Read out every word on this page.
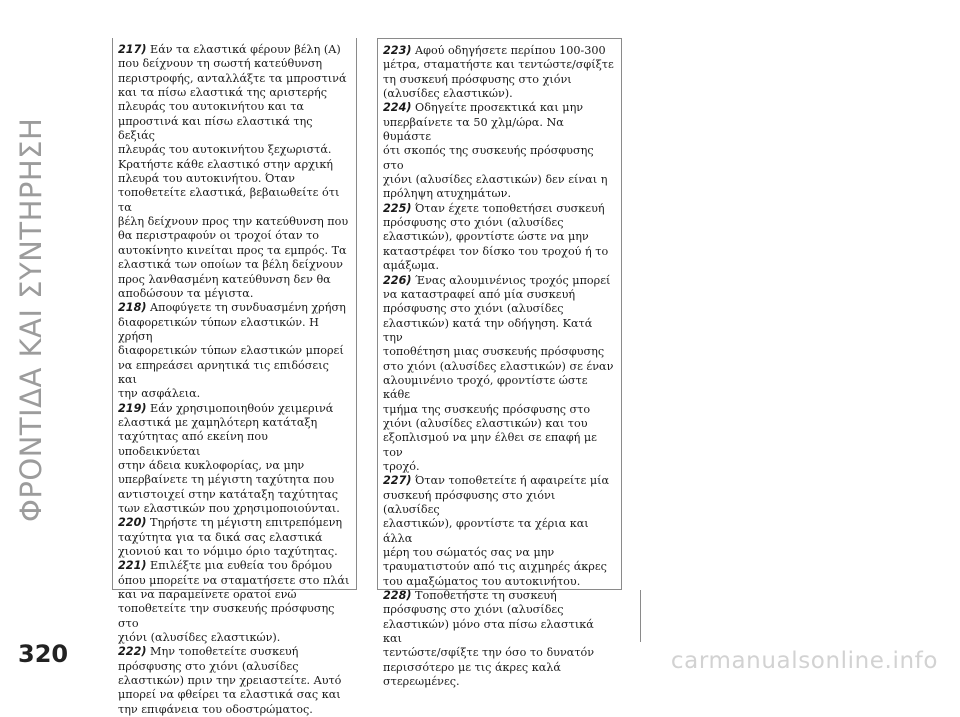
ΦΡΟΝΤΙΔΑ ΚΑΙ ΣΥΝΤΗΡΗΣΗ

217) Εάν τα ελαστικά φέρουν βέλη (A)
που δείχνουν τη σωστή κατεύθυνση
περιστροφής, ανταλλάξτε τα μπροστινά
και τα πίσω ελαστικά της αριστερής
πλευράς του αυτοκινήτου και τα
μπροστινά και πίσω ελαστικά της δεξιάς
πλευράς του αυτοκινήτου ξεχωριστά.
Κρατήστε κάθε ελαστικό στην αρχική
πλευρά του αυτοκινήτου. Όταν
τοποθετείτε ελαστικά, βεβαιωθείτε ότι τα
βέλη δείχνουν προς την κατεύθυνση που
θα περιστραφούν οι τροχοί όταν το
αυτοκίνητο κινείται προς τα εμπρός. Τα
ελαστικά των οποίων τα βέλη δείχνουν
προς λανθασμένη κατεύθυνση δεν θα
αποδώσουν τα μέγιστα.

218) Αποφύγετε τη συνδυασμένη χρήση
διαφορετικών τύπων ελαστικών. Η χρήση
διαφορετικών τύπων ελαστικών μπορεί
να επηρεάσει αρνητικά τις επιδόσεις και
την ασφάλεια.

219) Εάν χρησιμοποιηθούν χειμερινά
ελαστικά με χαμηλότερη κατάταξη
ταχύτητας από εκείνη που υποδεικνύεται
στην άδεια κυκλοφορίας, να μην
υπερβαίνετε τη μέγιστη ταχύτητα που
αντιστοιχεί στην κατάταξη ταχύτητας
των ελαστικών που χρησιμοποιούνται.

220) Τηρήστε τη μέγιστη επιτρεπόμενη
ταχύτητα για τα δικά σας ελαστικά
χιονιού και το νόμιμο όριο ταχύτητας.

221) Επιλέξτε μια ευθεία του δρόμου
όπου μπορείτε να σταματήσετε στο πλάι
και να παραμείνετε ορατοί ενώ
τοποθετείτε την συσκευής πρόσφυσης στο
χιόνι (αλυσίδες ελαστικών).

222) Μην τοποθετείτε συσκευή
πρόσφυσης στο χιόνι (αλυσίδες
ελαστικών) πριν την χρειαστείτε. Αυτό
μπορεί να φθείρει τα ελαστικά σας και
την επιφάνεια του οδοστρώματος.

223) Αφού οδηγήσετε περίπου 100-300
μέτρα, σταματήστε και τεντώστε/σφίξτε
τη συσκευή πρόσφυσης στο χιόνι
(αλυσίδες ελαστικών).

224) Οδηγείτε προσεκτικά και μην
υπερβαίνετε τα 50 χλμ/ώρα. Να θυμάστε
ότι σκοπός της συσκευής πρόσφυσης στο
χιόνι (αλυσίδες ελαστικών) δεν είναι η
πρόληψη ατυχημάτων.

225) Όταν έχετε τοποθετήσει συσκευή
πρόσφυσης στο χιόνι (αλυσίδες
ελαστικών), φροντίστε ώστε να μην
καταστρέφει τον δίσκο του τροχού ή το
αμάξωμα.

226) Ένας αλουμινένιος τροχός μπορεί
να καταστραφεί από μία συσκευή
πρόσφυσης στο χιόνι (αλυσίδες
ελαστικών) κατά την οδήγηση. Κατά την
τοποθέτηση μιας συσκευής πρόσφυσης
στο χιόνι (αλυσίδες ελαστικών) σε έναν
αλουμινένιο τροχό, φροντίστε ώστε κάθε
τμήμα της συσκευής πρόσφυσης στο
χιόνι (αλυσίδες ελαστικών) και του
εξοπλισμού να μην έλθει σε επαφή με τον
τροχό.

227) Όταν τοποθετείτε ή αφαιρείτε μία
συσκευή πρόσφυσης στο χιόνι (αλυσίδες
ελαστικών), φροντίστε τα χέρια και άλλα
μέρη του σώματός σας να μην
τραυματιστούν από τις αιχμηρές άκρες
του αμαξώματος του αυτοκινήτου.

228) Τοποθετήστε τη συσκευή
πρόσφυσης στο χιόνι (αλυσίδες
ελαστικών) μόνο στα πίσω ελαστικά και
τεντώστε/σφίξτε την όσο το δυνατόν
περισσότερο με τις άκρες καλά
στερεωμένες.

320	carmanualsonline.info
